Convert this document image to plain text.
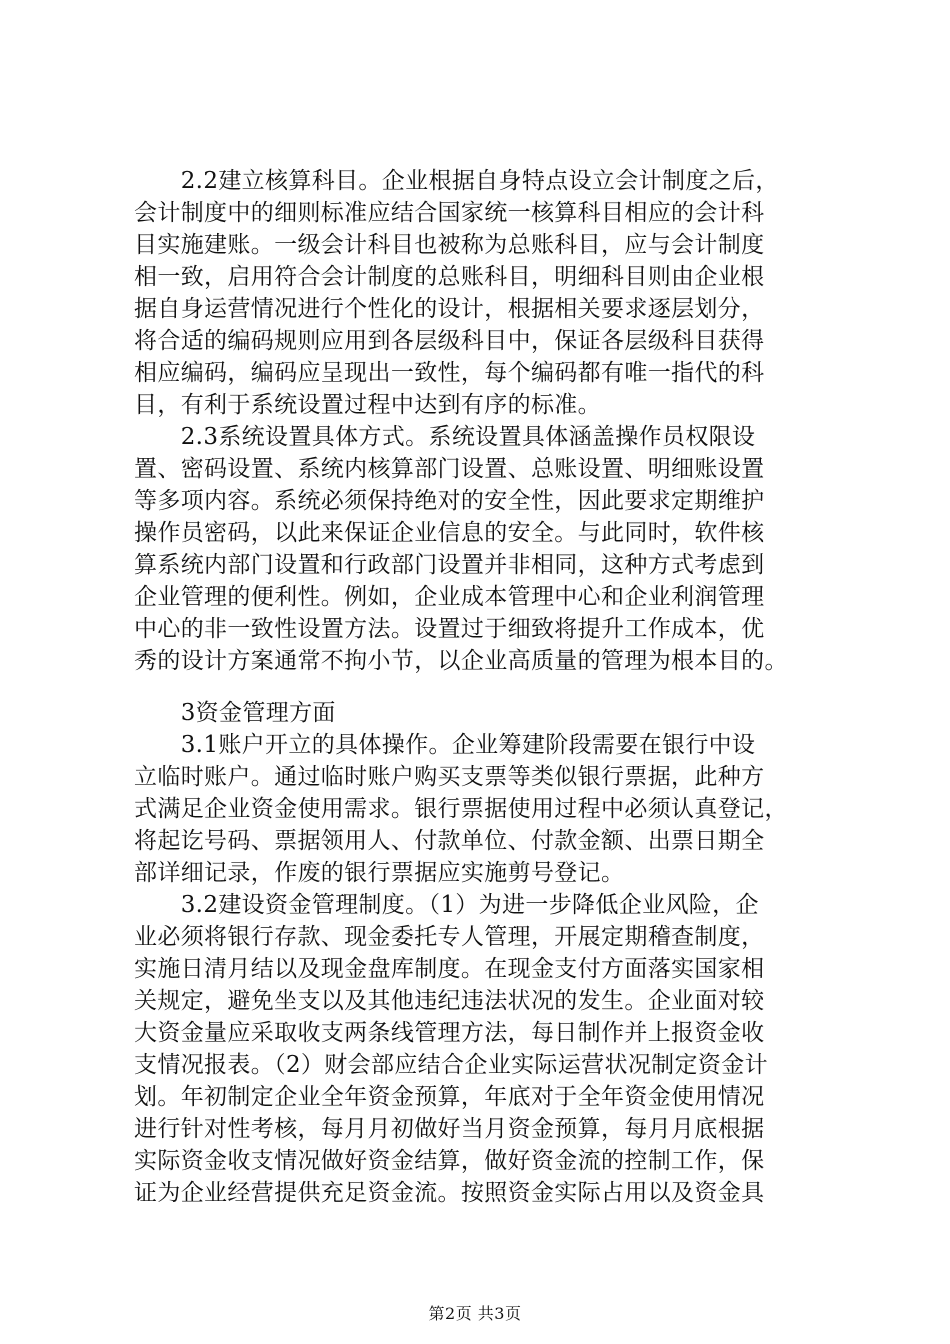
　　2.2建立核算科目。企业根据自身特点设立会计制度之后，
会计制度中的细则标准应结合国家统一核算科目相应的会计科
目实施建账。一级会计科目也被称为总账科目，应与会计制度
相一致，启用符合会计制度的总账科目，明细科目则由企业根
据自身运营情况进行个性化的设计，根据相关要求逐层划分，
将合适的编码规则应用到各层级科目中，保证各层级科目获得
相应编码，编码应呈现出一致性，每个编码都有唯一指代的科
目，有利于系统设置过程中达到有序的标准。
　　2.3系统设置具体方式。系统设置具体涵盖操作员权限设
置、密码设置、系统内核算部门设置、总账设置、明细账设置
等多项内容。系统必须保持绝对的安全性，因此要求定期维护
操作员密码，以此来保证企业信息的安全。与此同时，软件核
算系统内部门设置和行政部门设置并非相同，这种方式考虑到
企业管理的便利性。例如，企业成本管理中心和企业利润管理
中心的非一致性设置方法。设置过于细致将提升工作成本，优
秀的设计方案通常不拘小节，以企业高质量的管理为根本目的。
　　3资金管理方面
　　3.1账户开立的具体操作。企业筹建阶段需要在银行中设
立临时账户。通过临时账户购买支票等类似银行票据，此种方
式满足企业资金使用需求。银行票据使用过程中必须认真登记，
将起讫号码、票据领用人、付款单位、付款金额、出票日期全
部详细记录，作废的银行票据应实施剪号登记。
　　3.2建设资金管理制度。（1）为进一步降低企业风险，企
业必须将银行存款、现金委托专人管理，开展定期稽查制度，
实施日清月结以及现金盘库制度。在现金支付方面落实国家相
关规定，避免坐支以及其他违纪违法状况的发生。企业面对较
大资金量应采取收支两条线管理方法，每日制作并上报资金收
支情况报表。（2）财会部应结合企业实际运营状况制定资金计
划。年初制定企业全年资金预算，年底对于全年资金使用情况
进行针对性考核，每月月初做好当月资金预算，每月月底根据
实际资金收支情况做好资金结算，做好资金流的控制工作，保
证为企业经营提供充足资金流。按照资金实际占用以及资金具
第2页 共3页
